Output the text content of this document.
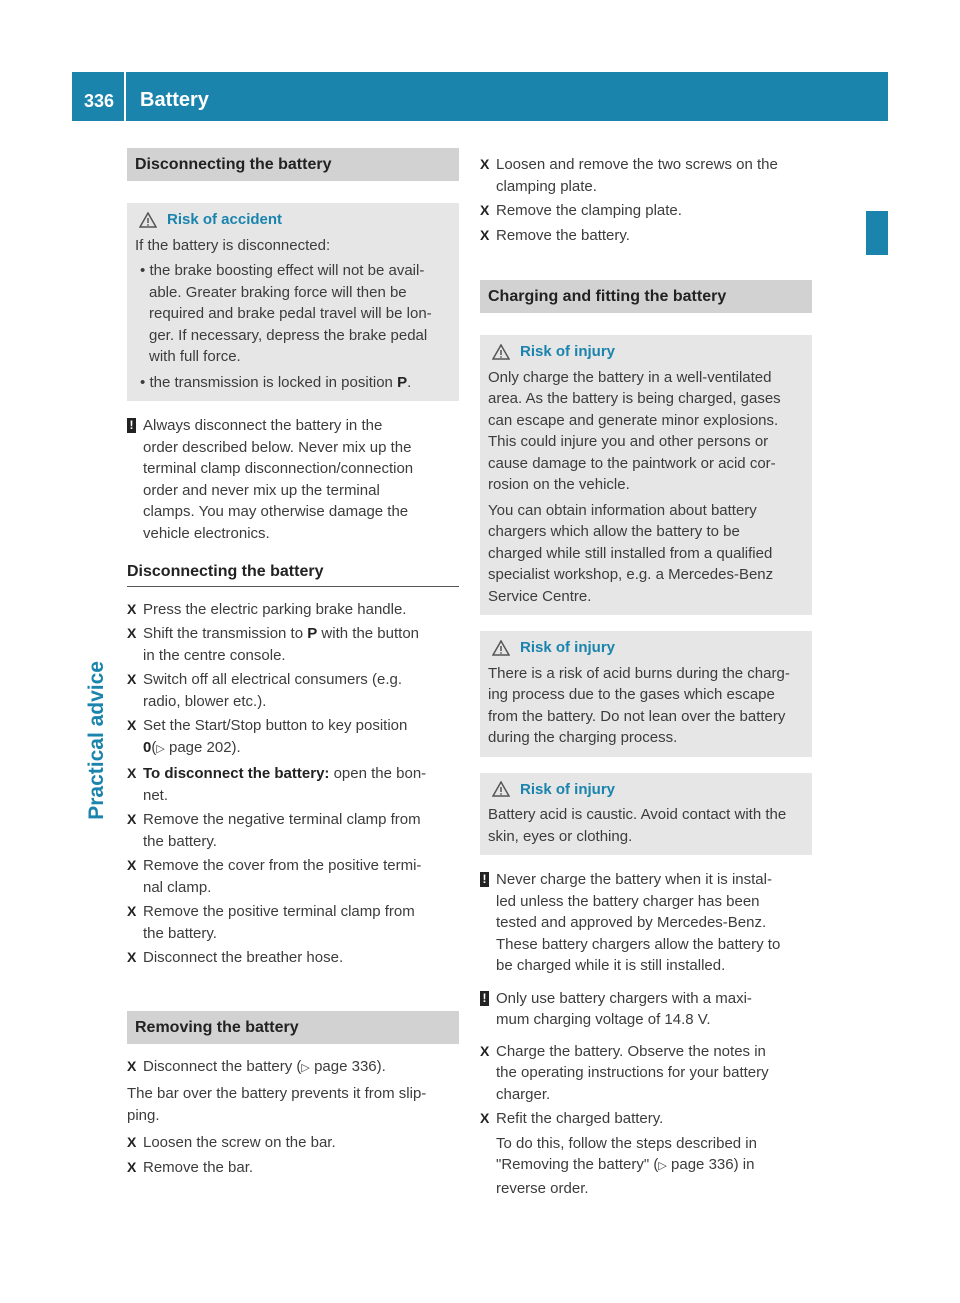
336 Battery
Practical advice
Disconnecting the battery
Risk of accident
If the battery is disconnected:
• the brake boosting effect will not be avail-
able. Greater braking force will then be
required and brake pedal travel will be lon-
ger. If necessary, depress the brake pedal
with full force.
• the transmission is locked in position P.
! Always disconnect the battery in the
order described below. Never mix up the
terminal clamp disconnection/connection
order and never mix up the terminal
clamps. You may otherwise damage the
vehicle electronics.
Disconnecting the battery
X Press the electric parking brake handle.
X Shift the transmission to P with the button
in the centre console.
X Switch off all electrical consumers (e.g.
radio, blower etc.).
X Set the Start/Stop button to key position
0(▷ page 202).
X To disconnect the battery: open the bon-
net.
X Remove the negative terminal clamp from
the battery.
X Remove the cover from the positive termi-
nal clamp.
X Remove the positive terminal clamp from
the battery.
X Disconnect the breather hose.
Removing the battery
X Disconnect the battery (▷ page 336).
The bar over the battery prevents it from slip-
ping.
X Loosen the screw on the bar.
X Remove the bar.
X Loosen and remove the two screws on the
clamping plate.
X Remove the clamping plate.
X Remove the battery.
Charging and fitting the battery
Risk of injury
Only charge the battery in a well-ventilated
area. As the battery is being charged, gases
can escape and generate minor explosions.
This could injure you and other persons or
cause damage to the paintwork or acid cor-
rosion on the vehicle.
You can obtain information about battery
chargers which allow the battery to be
charged while still installed from a qualified
specialist workshop, e.g. a Mercedes-Benz
Service Centre.
Risk of injury
There is a risk of acid burns during the charg-
ing process due to the gases which escape
from the battery. Do not lean over the battery
during the charging process.
Risk of injury
Battery acid is caustic. Avoid contact with the
skin, eyes or clothing.
! Never charge the battery when it is instal-
led unless the battery charger has been
tested and approved by Mercedes-Benz.
These battery chargers allow the battery to
be charged while it is still installed.
! Only use battery chargers with a maxi-
mum charging voltage of 14.8 V.
X Charge the battery. Observe the notes in
the operating instructions for your battery
charger.
X Refit the charged battery.
To do this, follow the steps described in
"Removing the battery" (▷ page 336) in
reverse order.
